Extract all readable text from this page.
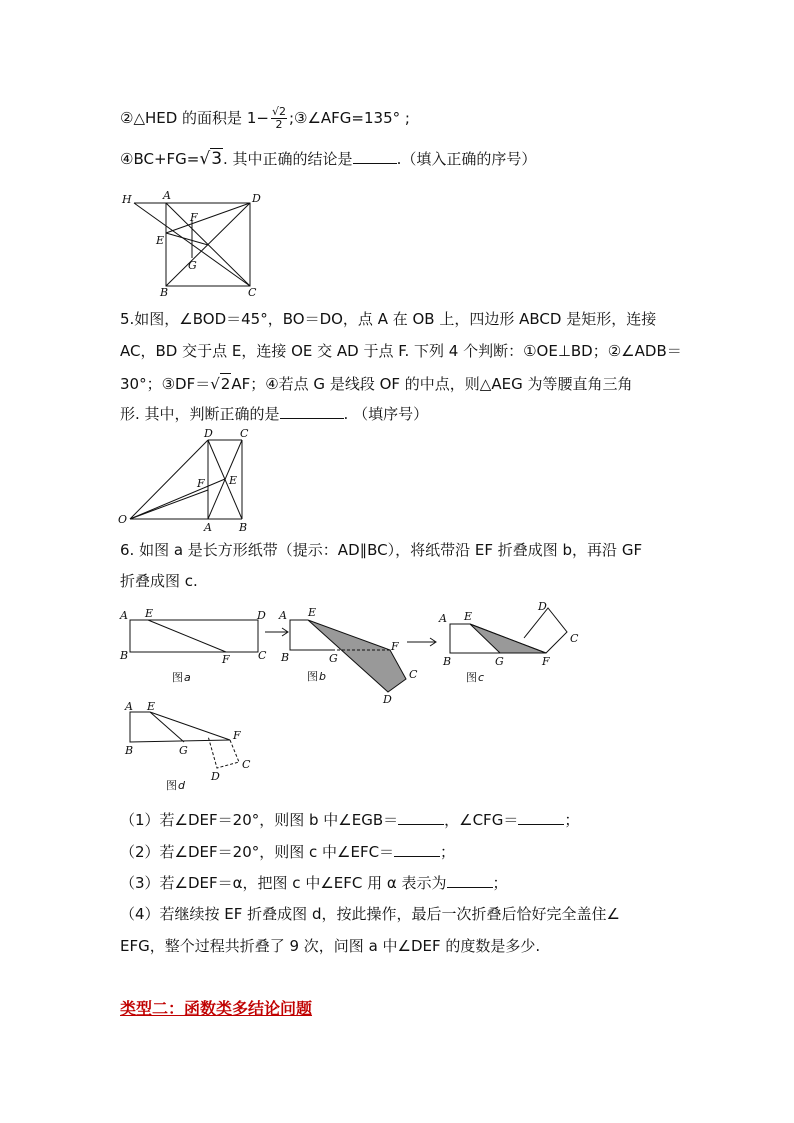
②△HED 的面积是 $1- \frac{√2}{2}$ ;③∠AFG=135° ;
④BC+FG=√3. 其中正确的结论是	.（填入正确的序号）
H	A	D
F
E
G
B	C
5.如图，∠BOD＝45°，BO＝DO，点 A 在 OB 上，四边形 ABCD 是矩形，连接
AC，BD 交于点 E，连接 OE 交 AD 于点 F. 下列 4 个判断：①OE⊥BD；②∠ADB＝
30°；③DF＝√2AF；④若点 G 是线段 OF 的中点，则△AEG 为等腰直角三角
形. 其中，判断正确的是	. （填序号）
D C
F E
O
A B
6. 如图 a 是长方形纸带（提示：AD∥BC），将纸带沿 EF 折叠成图 b，再沿 GF
折叠成图 c.
A E	D
B	F	C
图 a
A E
F
B	G
C
D
图 b
D
A E
C
B	G	F
图 c
A E
F
B	G
C
D
图 d
（1）若∠DEF＝20°，则图 b 中∠EGB＝	，∠CFG＝	；
（2）若∠DEF＝20°，则图 c 中∠EFC＝	；
（3）若∠DEF＝α，把图 c 中∠EFC 用 α 表示为	；
（4）若继续按 EF 折叠成图 d，按此操作，最后一次折叠后恰好完全盖住∠
EFG，整个过程共折叠了 9 次，问图 a 中∠DEF 的度数是多少.
类型二：函数类多结论问题
